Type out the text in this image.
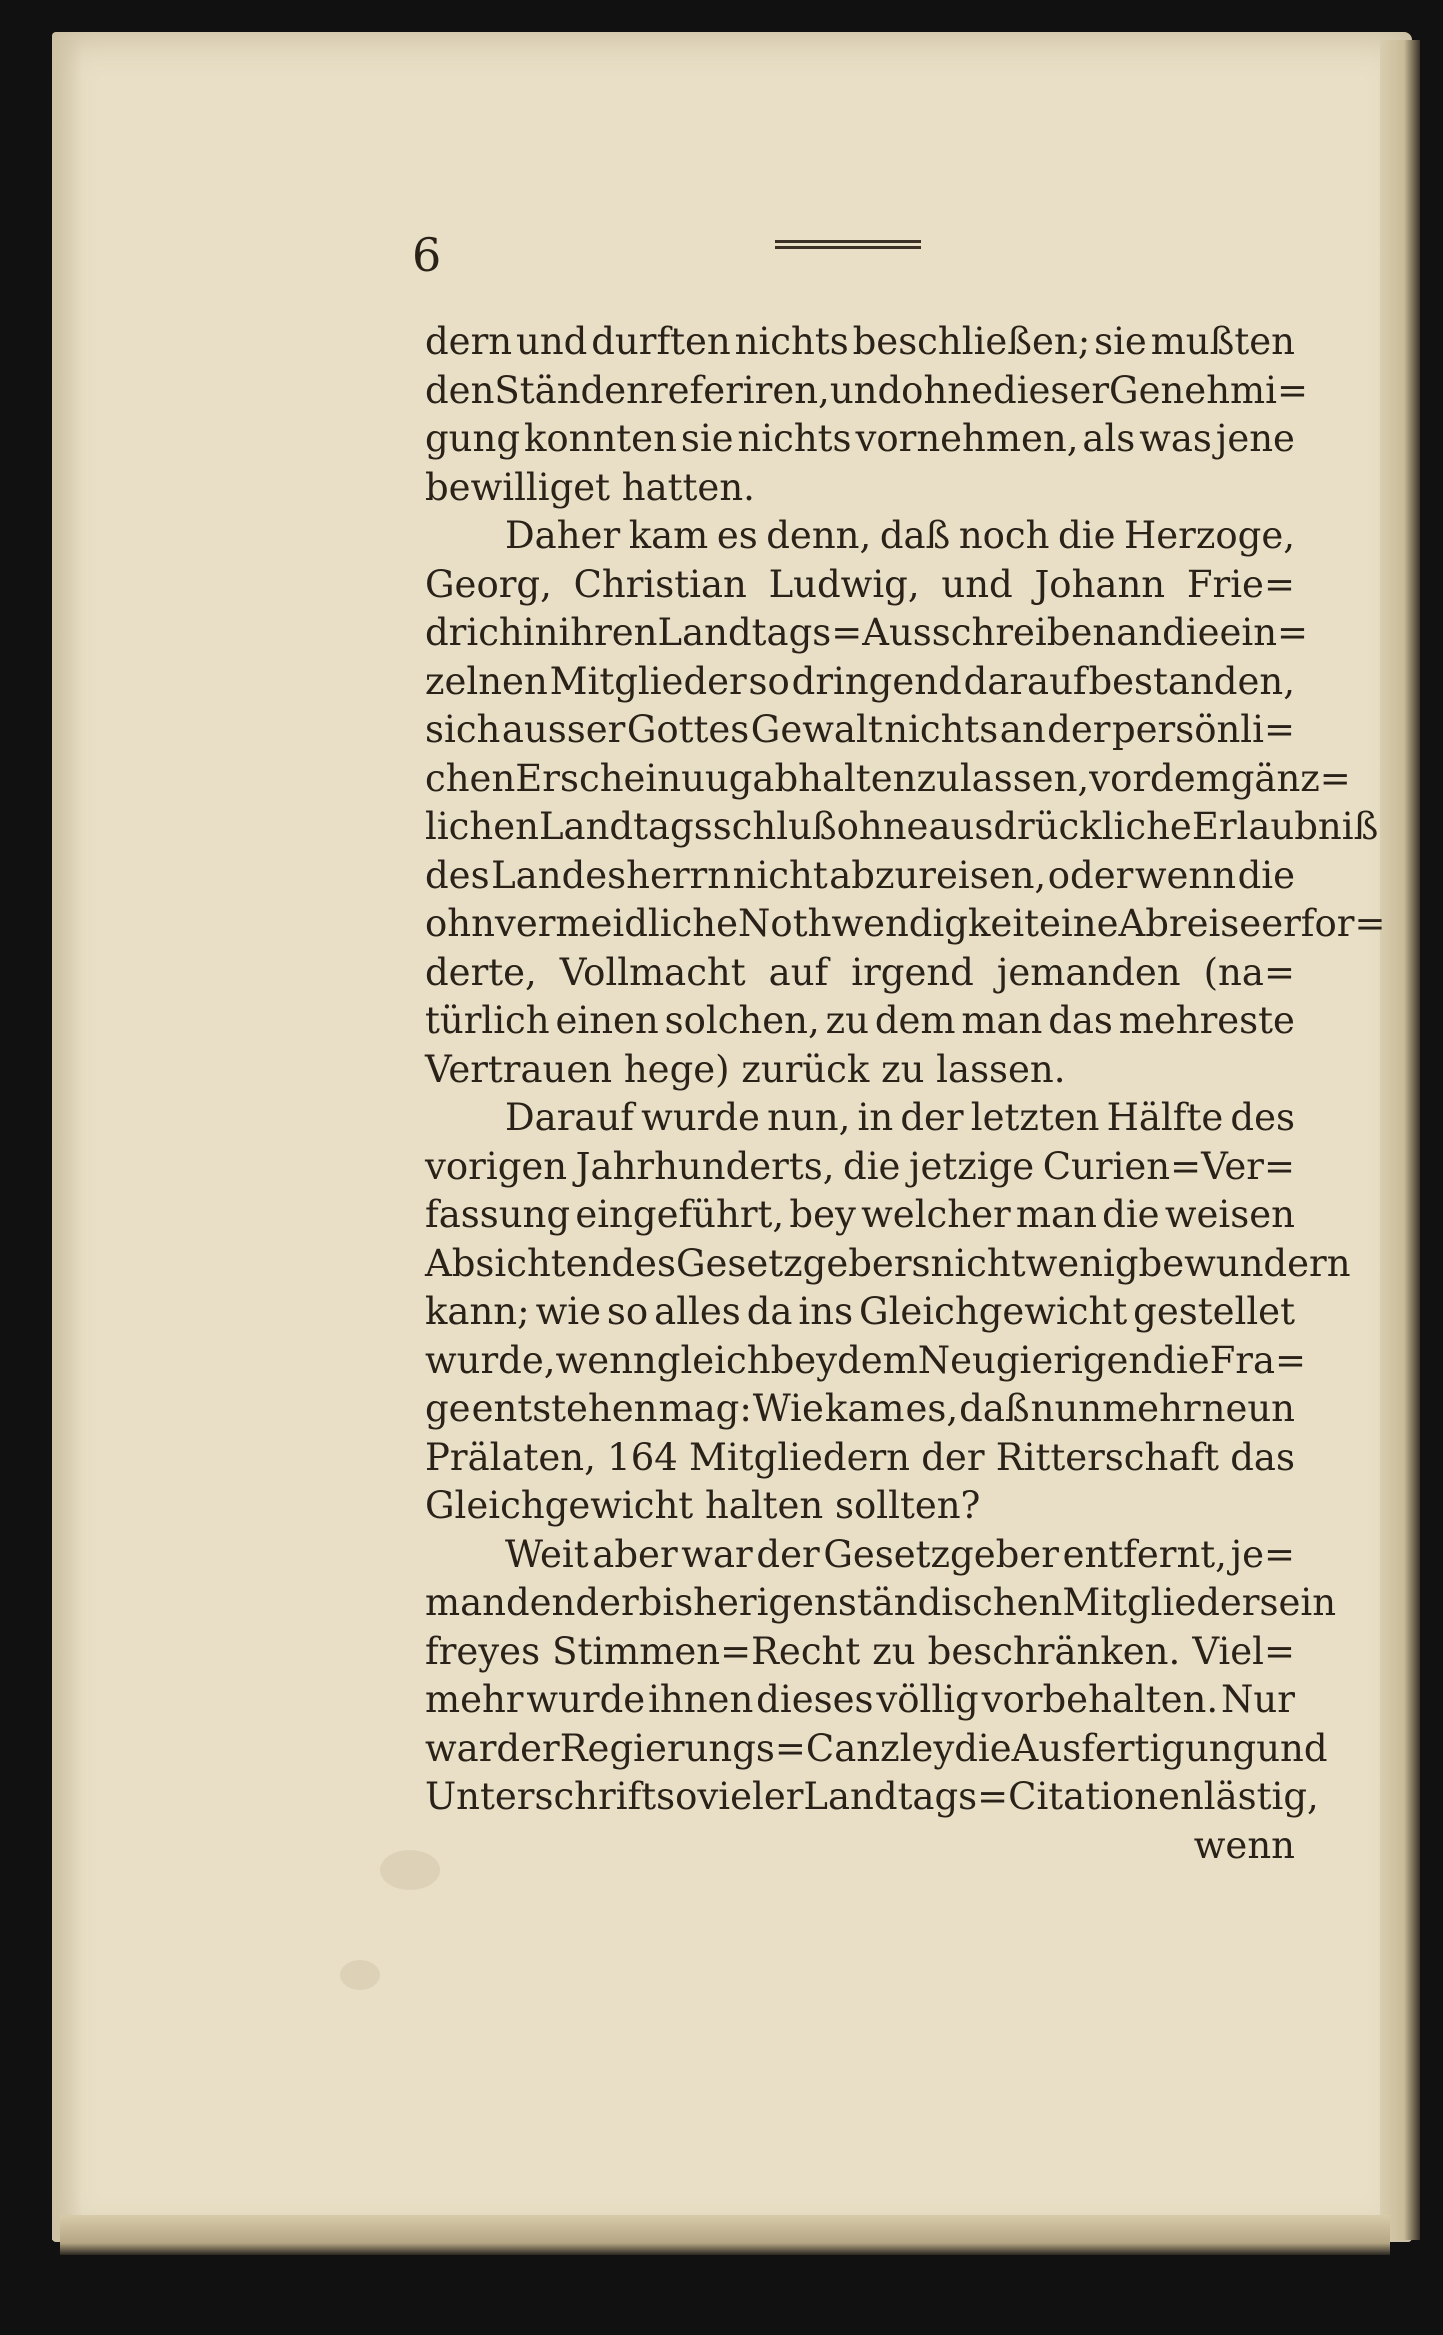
6
dern und durften nichts beschließen; sie mußten
den Ständen referiren, und ohne dieser Genehmi=
gung konnten sie nichts vornehmen, als was jene
bewilliget hatten.
Daher kam es denn, daß noch die Herzoge,
Georg, Christian Ludwig, und Johann Frie=
drich in ihren Landtags=Ausschreiben an die ein=
zelnen Mitglieder so dringend darauf bestanden,
sich ausser Gottes Gewalt nichts an der persönli=
chen Erscheinuug abhalten zu lassen, vor dem gänz=
lichen Landtagsschluß ohne ausdrückliche Erlaubniß
des Landesherrn nicht abzureisen, oder wenn die
ohnvermeidliche Nothwendigkeit eine Abreise erfor=
derte, Vollmacht auf irgend jemanden (na=
türlich einen solchen, zu dem man das mehreste
Vertrauen hege) zurück zu lassen.
Darauf wurde nun, in der letzten Hälfte des
vorigen Jahrhunderts, die jetzige Curien=Ver=
fassung eingeführt, bey welcher man die weisen
Absichten des Gesetzgebers nicht wenig bewundern
kann; wie so alles da ins Gleichgewicht gestellet
wurde, wenn gleich bey dem Neugierigen die Fra=
ge entstehen mag: Wie kam es, daß nunmehr neun
Prälaten, 164 Mitgliedern der Ritterschaft das
Gleichgewicht halten sollten?
Weit aber war der Gesetzgeber entfernt, je=
manden der bisherigen ständischen Mitglieder sein
freyes Stimmen=Recht zu beschränken. Viel=
mehr wurde ihnen dieses völlig vorbehalten. Nur
war der Regierungs=Canzley die Ausfertigung und
Unterschrift so vieler Landtags=Citationen lästig,
wenn
